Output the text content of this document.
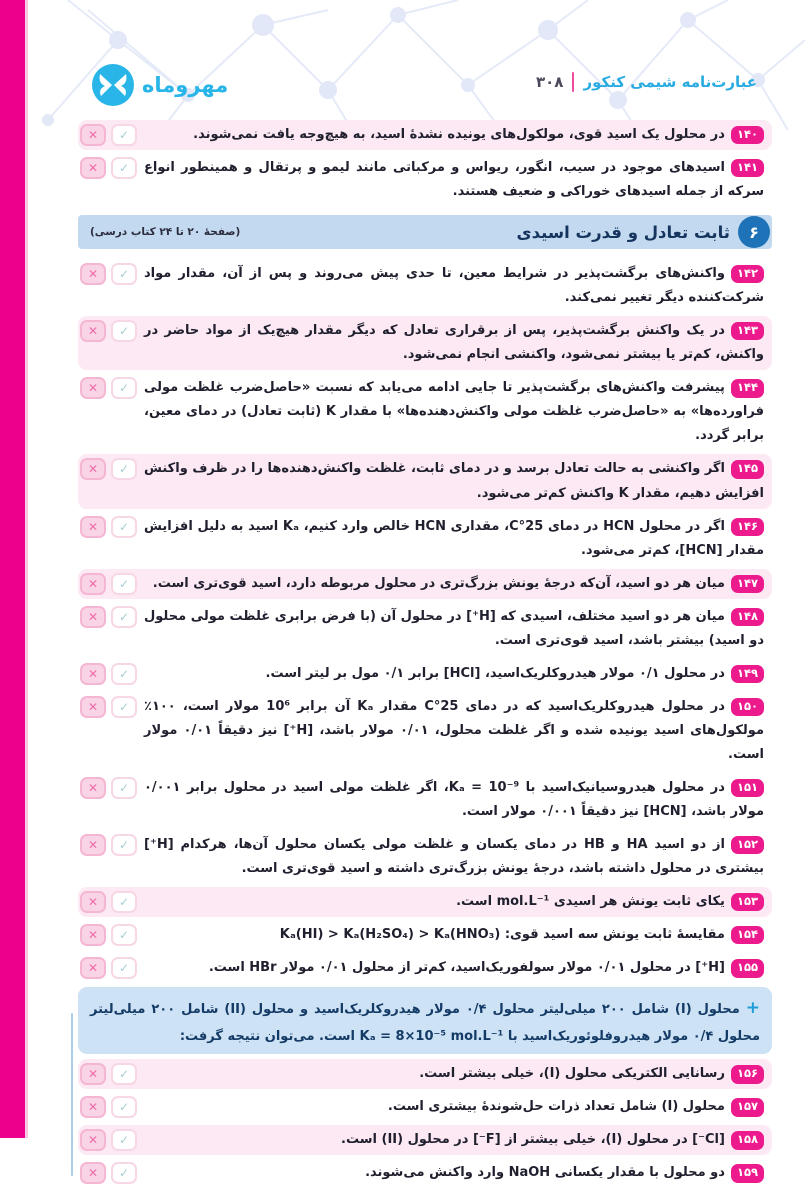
مهروماه	۳۰۸ عبارت‌نامه شیمی کنکور
✕	✓	۱۴۰در محلول یک اسید قوی، مولکول‌های یونیده نشدهٔ اسید، به هیچ‌وجه یافت نمی‌شوند.
✕	✓	۱۴۱اسیدهای موجود در سیب، انگور، ریواس و مرکباتی مانند لیمو و پرتقال و همینطور انواع سرکه از جمله اسیدهای خوراکی و ضعیف هستند.
۶
ثابت تعادل و قدرت اسیدی
(صفحهٔ ۲۰ تا ۲۴ کتاب درسی)
✕	✓	۱۴۲واکنش‌های برگشت‌پذیر در شرایط معین، تا حدی پیش می‌روند و پس از آن، مقدار مواد شرکت‌کننده دیگر تغییر نمی‌کند.
✕	✓	۱۴۳در یک واکنش برگشت‌پذیر، پس از برقراری تعادل که دیگر مقدار هیچ‌یک از مواد حاضر در واکنش، کم‌تر یا بیشتر نمی‌شود، واکنشی انجام نمی‌شود.
✕	✓	۱۴۴پیشرفت واکنش‌های برگشت‌پذیر تا جایی ادامه می‌یابد که نسبت «حاصل‌ضرب غلظت مولی فراورده‌ها» به «حاصل‌ضرب غلظت مولی واکنش‌دهنده‌ها» با مقدار K (ثابت تعادل) در دمای معین، برابر گردد.
✕	✓	۱۴۵اگر واکنشی به حالت تعادل برسد و در دمای ثابت، غلظت واکنش‌دهنده‌ها را در ظرف واکنش افزایش دهیم، مقدار K واکنش کم‌تر می‌شود.
✕	✓	۱۴۶اگر در محلول HCN در دمای 25°C، مقداری HCN خالص وارد کنیم، Kₐ اسید به دلیل افزایش مقدار [HCN]، کم‌تر می‌شود.
✕	✓	۱۴۷میان هر دو اسید، آن‌که درجهٔ یونش بزرگ‌تری در محلول مربوطه دارد، اسید قوی‌تری است.
✕	✓	۱۴۸میان هر دو اسید مختلف، اسیدی که [H⁺] در محلول آن (با فرض برابری غلظت مولی محلول دو اسید) بیشتر باشد، اسید قوی‌تری است.
✕	✓	۱۴۹در محلول ۰/۱ مولار هیدروکلریک‌اسید، [HCl] برابر ۰/۱ مول بر لیتر است.
✕	✓	۱۵۰در محلول هیدروکلریک‌اسید که در دمای 25°C مقدار Kₐ آن برابر 10⁶ مولار است، ۱۰۰٪ مولکول‌های اسید یونیده شده و اگر غلظت محلول، ۰/۰۱ مولار باشد، [H⁺] نیز دقیقاً ۰/۰۱ مولار است.
✕	✓	۱۵۱در محلول هیدروسیانیک‌اسید با Kₐ = 10⁻⁹، اگر غلظت مولی اسید در محلول برابر ۰/۰۰۱ مولار باشد، [HCN] نیز دقیقاً ۰/۰۰۱ مولار است.
✕	✓	۱۵۲از دو اسید HA و HB در دمای یکسان و غلظت مولی یکسان محلول آن‌ها، هرکدام [H⁺] بیشتری در محلول داشته باشد، درجهٔ یونش بزرگ‌تری داشته و اسید قوی‌تری است.
✕	✓	۱۵۳یکای ثابت یونش هر اسیدی mol.L⁻¹ است.
✕	✓	۱۵۴مقایسهٔ ثابت یونش سه اسید قوی: Kₐ(HI) > Kₐ(H₂SO₄) > Kₐ(HNO₃)
✕	✓	۱۵۵[H⁺] در محلول ۰/۰۱ مولار سولفوریک‌اسید، کم‌تر از محلول ۰/۰۱ مولار HBr است.
+محلول (I) شامل ۲۰۰ میلی‌لیتر محلول ۰/۴ مولار هیدروکلریک‌اسید و محلول (II) شامل ۲۰۰ میلی‌لیتر محلول ۰/۴ مولار هیدروفلوئوریک‌اسید با Kₐ = 8×10⁻⁵ mol.L⁻¹ است. می‌توان نتیجه گرفت:
✕	✓	۱۵۶رسانایی الکتریکی محلول (I)، خیلی بیشتر است.
✕	✓	۱۵۷محلول (I) شامل تعداد ذرات حل‌شوندهٔ بیشتری است.
✕	✓	۱۵۸[Cl⁻] در محلول (I)، خیلی بیشتر از [F⁻] در محلول (II) است.
✕	✓	۱۵۹دو محلول با مقدار یکسانی NaOH وارد واکنش می‌شوند.
